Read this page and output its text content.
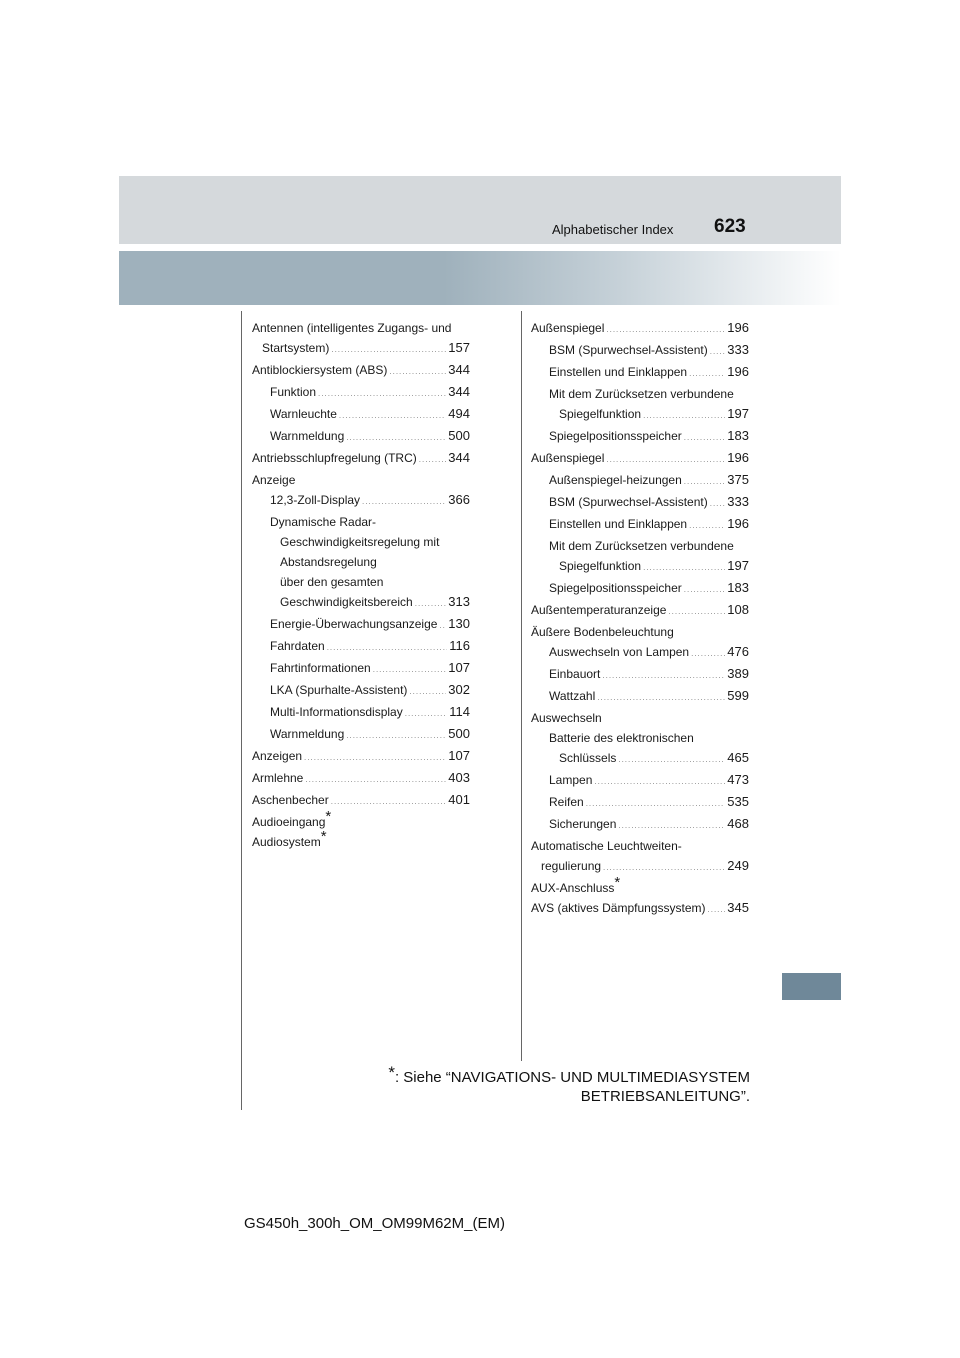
Alphabetischer Index 623
Antennen (intelligentes Zugangs- und
Startsystem) .....	157
Antiblockiersystem (ABS) .....	344
Funktion .....	344
Warnleuchte .....	494
Warnmeldung .....	500
Antriebsschlupfregelung (TRC) ..... 344
Anzeige
12,3-Zoll-Display .....	366
Dynamische Radar-
Geschwindigkeitsregelung mit
Abstandsregelung
über den gesamten
Geschwindigkeitsbereich .....	313
Energie-Überwachungsanzeige ..... 130
Fahrdaten .....	116
Fahrtinformationen .....	107
LKA (Spurhalte-Assistent) .....	302
Multi-Informationsdisplay .....	114
Warnmeldung .....	500
Anzeigen .....	107
Armlehne .....	403
Aschenbecher .....	401
Audioeingang*
Audiosystem*
Außenspiegel .....	196
BSM (Spurwechsel-Assistent) ..... 333
Einstellen und Einklappen .....	196
Mit dem Zurücksetzen verbundene
Spiegelfunktion .....	197
Spiegelpositionsspeicher .....	183
Außenspiegel .....	196
Außenspiegel-heizungen .....	375
BSM (Spurwechsel-Assistent) ..... 333
Einstellen und Einklappen .....	196
Mit dem Zurücksetzen verbundene
Spiegelfunktion .....	197
Spiegelpositionsspeicher .....	183
Außentemperaturanzeige .....	108
Äußere Bodenbeleuchtung
Auswechseln von Lampen .....	476
Einbauort .....	389
Wattzahl .....	599
Auswechseln
Batterie des elektronischen
Schlüssels .....	465
Lampen .....	473
Reifen .....	535
Sicherungen .....	468
Automatische Leuchtweiten-
regulierung .....	249
AUX-Anschluss*
AVS (aktives Dämpfungssystem) ..... 345
*: Siehe “NAVIGATIONS- UND MULTIMEDIASYSTEM
BETRIEBSANLEITUNG”.
GS450h_300h_OM_OM99M62M_(EM)
